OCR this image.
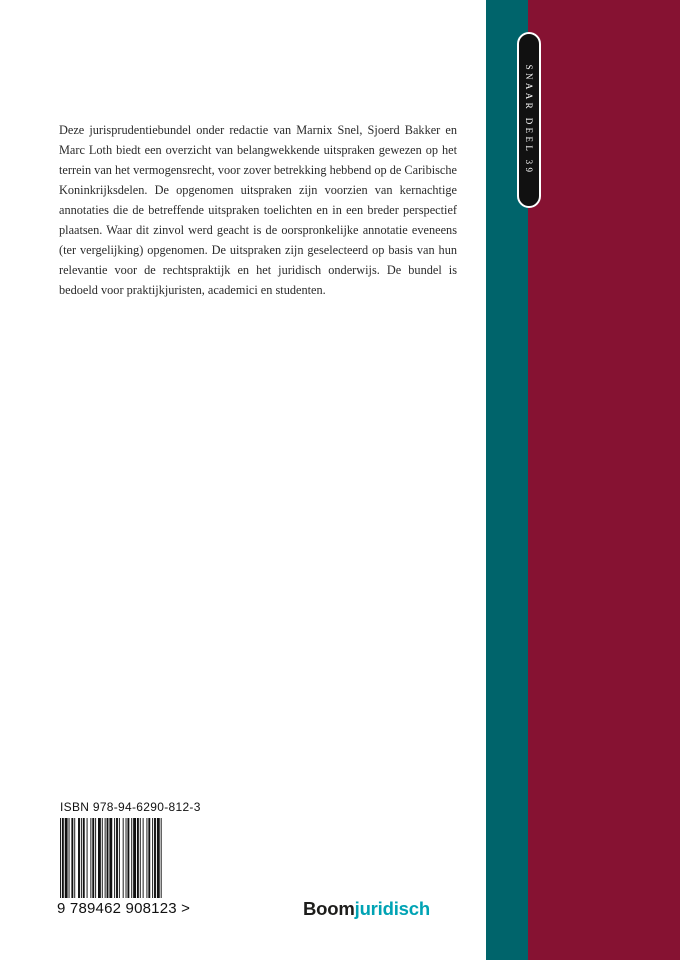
SNAAR DEEL 39

Deze jurisprudentiebundel onder redactie van Marnix Snel, Sjoerd Bakker en Marc Loth biedt een overzicht van belangwekkende uitspraken gewezen op het terrein van het vermogensrecht, voor zover betrekking hebbend op de Caribische Koninkrijksdelen. De opgenomen uitspraken zijn voorzien van kernachtige annotaties die de betreffende uitspraken toelichten en in een breder perspectief plaatsen. Waar dit zinvol werd geacht is de oorspronkelijke annotatie eveneens (ter vergelijking) opgenomen. De uitspraken zijn geselecteerd op basis van hun relevantie voor de rechtspraktijk en het juridisch onderwijs. De bundel is bedoeld voor praktijkjuristen, academici en studenten.

ISBN 978-94-6290-812-3
9 789462 908123 >	Boomjuridisch
